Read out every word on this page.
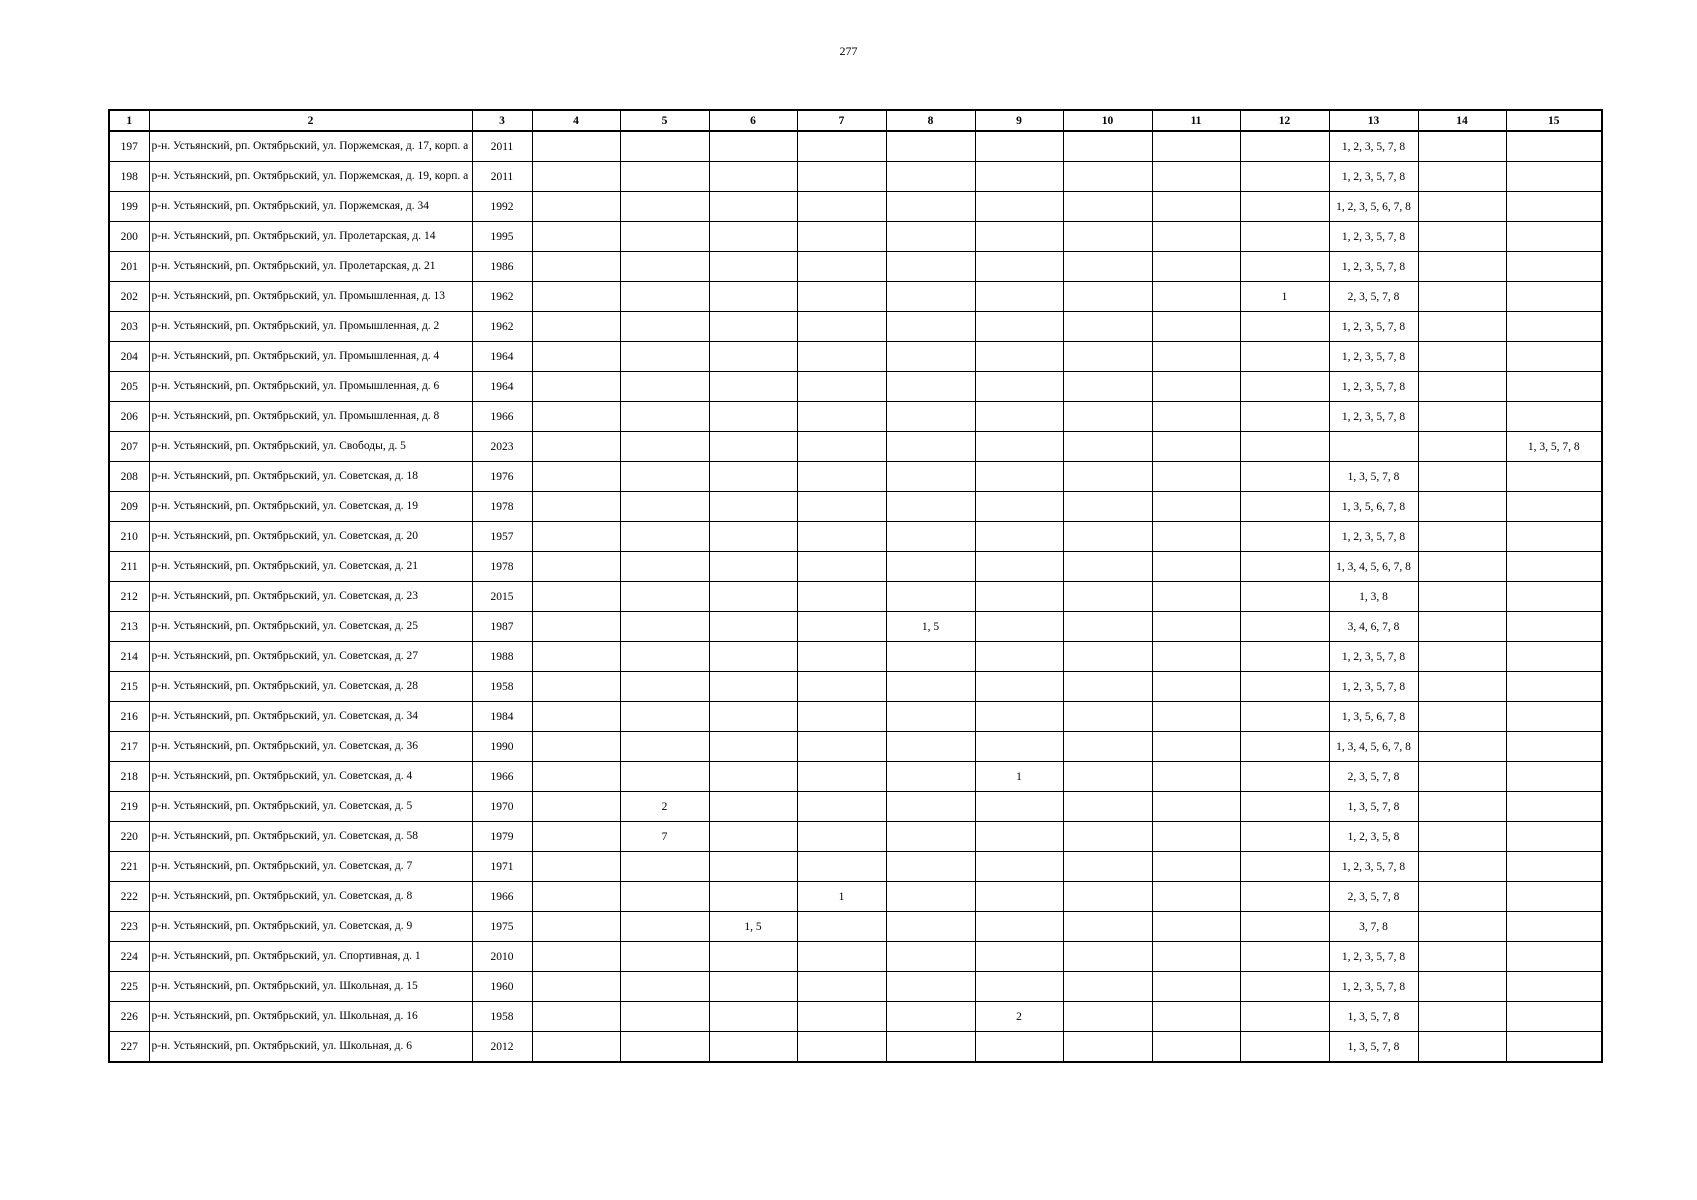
277
1	2	3	4	5	6	7	8	9	10	11	12	13	14	15
197	р-н. Устьянский, рп. Октябрьский, ул. Поржемская, д. 17, корп. а	2011										1, 2, 3, 5, 7, 8		
198	р-н. Устьянский, рп. Октябрьский, ул. Поржемская, д. 19, корп. а	2011										1, 2, 3, 5, 7, 8		
199	р-н. Устьянский, рп. Октябрьский, ул. Поржемская, д. 34	1992										1, 2, 3, 5, 6, 7, 8		
200	р-н. Устьянский, рп. Октябрьский, ул. Пролетарская, д. 14	1995										1, 2, 3, 5, 7, 8		
201	р-н. Устьянский, рп. Октябрьский, ул. Пролетарская, д. 21	1986										1, 2, 3, 5, 7, 8		
202	р-н. Устьянский, рп. Октябрьский, ул. Промышленная, д. 13	1962									1	2, 3, 5, 7, 8		
203	р-н. Устьянский, рп. Октябрьский, ул. Промышленная, д. 2	1962										1, 2, 3, 5, 7, 8		
204	р-н. Устьянский, рп. Октябрьский, ул. Промышленная, д. 4	1964										1, 2, 3, 5, 7, 8		
205	р-н. Устьянский, рп. Октябрьский, ул. Промышленная, д. 6	1964										1, 2, 3, 5, 7, 8		
206	р-н. Устьянский, рп. Октябрьский, ул. Промышленная, д. 8	1966										1, 2, 3, 5, 7, 8		
207	р-н. Устьянский, рп. Октябрьский, ул. Свободы, д. 5	2023												1, 3, 5, 7, 8
208	р-н. Устьянский, рп. Октябрьский, ул. Советская, д. 18	1976										1, 3, 5, 7, 8		
209	р-н. Устьянский, рп. Октябрьский, ул. Советская, д. 19	1978										1, 3, 5, 6, 7, 8		
210	р-н. Устьянский, рп. Октябрьский, ул. Советская, д. 20	1957										1, 2, 3, 5, 7, 8		
211	р-н. Устьянский, рп. Октябрьский, ул. Советская, д. 21	1978										1, 3, 4, 5, 6, 7, 8		
212	р-н. Устьянский, рп. Октябрьский, ул. Советская, д. 23	2015										1, 3, 8		
213	р-н. Устьянский, рп. Октябрьский, ул. Советская, д. 25	1987					1, 5					3, 4, 6, 7, 8		
214	р-н. Устьянский, рп. Октябрьский, ул. Советская, д. 27	1988										1, 2, 3, 5, 7, 8		
215	р-н. Устьянский, рп. Октябрьский, ул. Советская, д. 28	1958										1, 2, 3, 5, 7, 8		
216	р-н. Устьянский, рп. Октябрьский, ул. Советская, д. 34	1984										1, 3, 5, 6, 7, 8		
217	р-н. Устьянский, рп. Октябрьский, ул. Советская, д. 36	1990										1, 3, 4, 5, 6, 7, 8		
218	р-н. Устьянский, рп. Октябрьский, ул. Советская, д. 4	1966						1				2, 3, 5, 7, 8		
219	р-н. Устьянский, рп. Октябрьский, ул. Советская, д. 5	1970		2								1, 3, 5, 7, 8		
220	р-н. Устьянский, рп. Октябрьский, ул. Советская, д. 58	1979		7								1, 2, 3, 5, 8		
221	р-н. Устьянский, рп. Октябрьский, ул. Советская, д. 7	1971										1, 2, 3, 5, 7, 8		
222	р-н. Устьянский, рп. Октябрьский, ул. Советская, д. 8	1966				1						2, 3, 5, 7, 8		
223	р-н. Устьянский, рп. Октябрьский, ул. Советская, д. 9	1975			1, 5							3, 7, 8		
224	р-н. Устьянский, рп. Октябрьский, ул. Спортивная, д. 1	2010										1, 2, 3, 5, 7, 8		
225	р-н. Устьянский, рп. Октябрьский, ул. Школьная, д. 15	1960										1, 2, 3, 5, 7, 8		
226	р-н. Устьянский, рп. Октябрьский, ул. Школьная, д. 16	1958						2				1, 3, 5, 7, 8		
227	р-н. Устьянский, рп. Октябрьский, ул. Школьная, д. 6	2012										1, 3, 5, 7, 8		
